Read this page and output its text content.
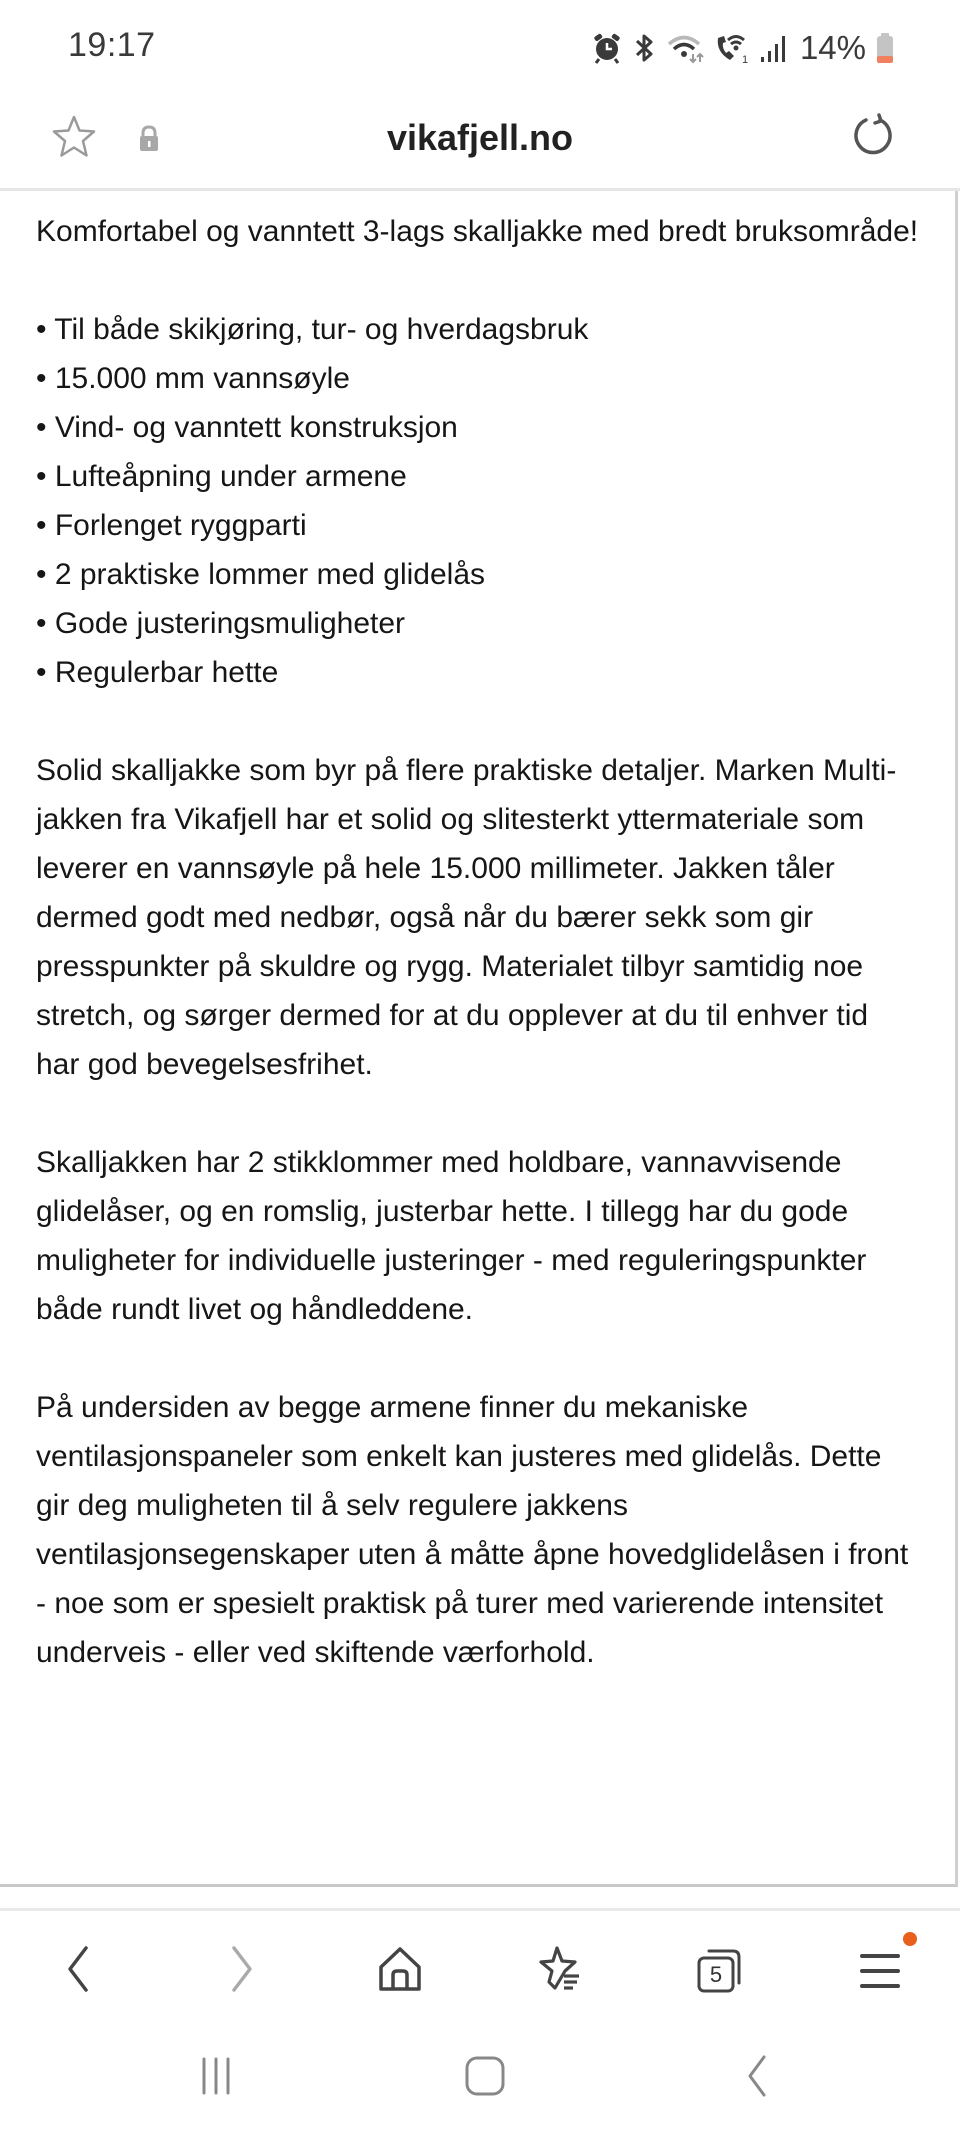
19:17	1 14%
vikafjell.no

Komfortabel og vanntett 3-lags skalljakke med bredt bruksområde!

• Til både skikjøring, tur- og hverdagsbruk
• 15.000 mm vannsøyle
• Vind- og vanntett konstruksjon
• Lufteåpning under armene
• Forlenget ryggparti
• 2 praktiske lommer med glidelås
• Gode justeringsmuligheter
• Regulerbar hette

Solid skalljakke som byr på flere praktiske detaljer. Marken Multi-jakken fra Vikafjell har et solid og slitesterkt yttermateriale som leverer en vannsøyle på hele 15.000 millimeter. Jakken tåler dermed godt med nedbør, også når du bærer sekk som gir presspunkter på skuldre og rygg. Materialet tilbyr samtidig noe stretch, og sørger dermed for at du opplever at du til enhver tid har god bevegelsesfrihet.

Skalljakken har 2 stikklommer med holdbare, vannavvisende glidelåser, og en romslig, justerbar hette. I tillegg har du gode muligheter for individuelle justeringer - med reguleringspunkter både rundt livet og håndleddene.

På undersiden av begge armene finner du mekaniske ventilasjonspaneler som enkelt kan justeres med glidelås. Dette gir deg muligheten til å selv regulere jakkens ventilasjonsegenskaper uten å måtte åpne hovedglidelåsen i front - noe som er spesielt praktisk på turer med varierende intensitet underveis - eller ved skiftende værforhold.

5
